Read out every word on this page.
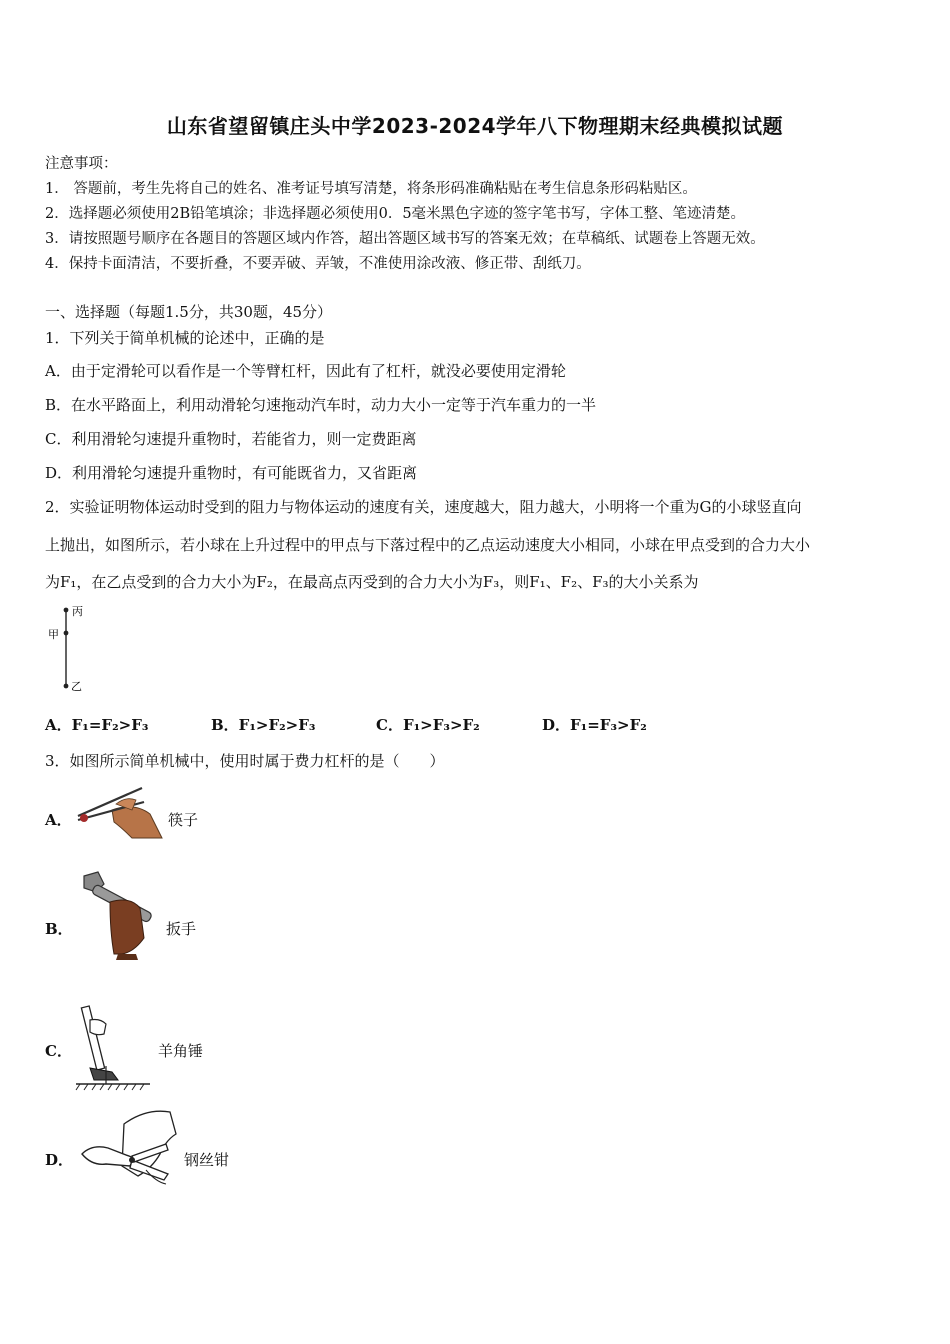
山东省望留镇庄头中学2023-2024学年八下物理期末经典模拟试题
注意事项：
1． 答题前，考生先将自己的姓名、准考证号填写清楚，将条形码准确粘贴在考生信息条形码粘贴区。
2．选择题必须使用2B铅笔填涂；非选择题必须使用0．5毫米黑色字迹的签字笔书写，字体工整、笔迹清楚。
3．请按照题号顺序在各题目的答题区域内作答，超出答题区域书写的答案无效；在草稿纸、试题卷上答题无效。
4．保持卡面清洁，不要折叠，不要弄破、弄皱，不准使用涂改液、修正带、刮纸刀。
一、选择题（每题1.5分，共30题，45分）
1．下列关于简单机械的论述中，正确的是
A．由于定滑轮可以看作是一个等臂杠杆，因此有了杠杆，就没必要使用定滑轮
B．在水平路面上，利用动滑轮匀速拖动汽车时，动力大小一定等于汽车重力的一半
C．利用滑轮匀速提升重物时，若能省力，则一定费距离
D．利用滑轮匀速提升重物时，有可能既省力，又省距离
2．实验证明物体运动时受到的阻力与物体运动的速度有关，速度越大，阻力越大，小明将一个重为G的小球竖直向
上抛出，如图所示，若小球在上升过程中的甲点与下落过程中的乙点运动速度大小相同，小球在甲点受到的合力大小
为F₁，在乙点受到的合力大小为F₂，在最高点丙受到的合力大小为F₃，则F₁、F₂、F₃的大小关系为
丙
甲
乙
A．F₁=F₂>F₃	B．F₁>F₂>F₃	C．F₁>F₃>F₂	D．F₁=F₃>F₂
3．如图所示简单机械中，使用时属于费力杠杆的是（　　）
A．	筷子
B．	扳手
C．	羊角锤
D．	钢丝钳
